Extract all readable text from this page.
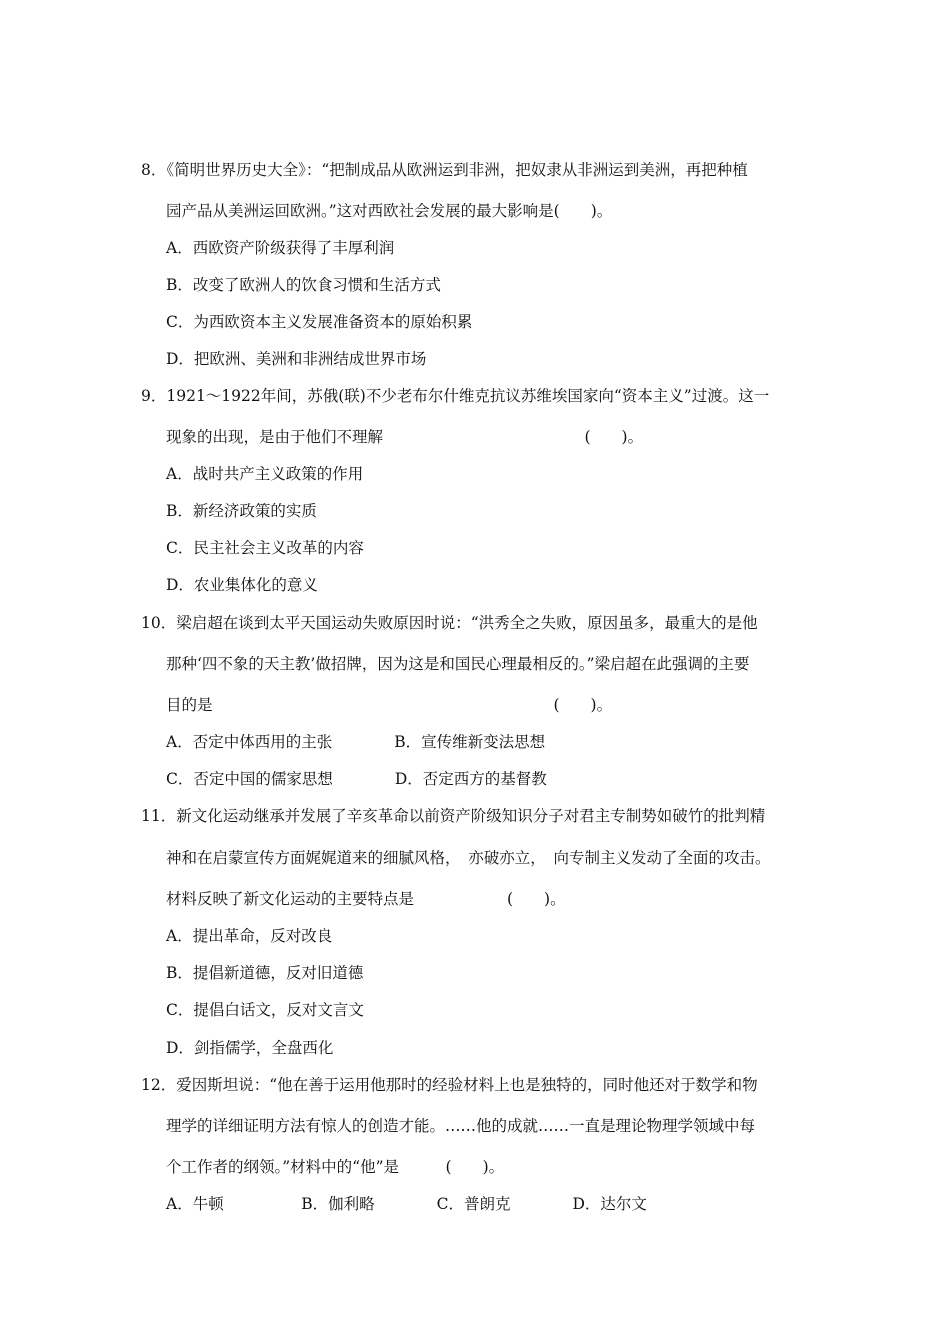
8．《简明世界历史大全》：“把制成品从欧洲运到非洲，把奴隶从非洲运到美洲，再把种植
园产品从美洲运回欧洲。”这对西欧社会发展的最大影响是(　　)。
A．西欧资产阶级获得了丰厚利润
B．改变了欧洲人的饮食习惯和生活方式
C．为西欧资本主义发展准备资本的原始积累
D．把欧洲、美洲和非洲结成世界市场
9．1921～1922年间，苏俄(联)不少老布尔什维克抗议苏维埃国家向“资本主义”过渡。这一
现象的出现，是由于他们不理解　　　　　　　　　　　　　(　　)。
A．战时共产主义政策的作用
B．新经济政策的实质
C．民主社会主义改革的内容
D．农业集体化的意义
10．梁启超在谈到太平天国运动失败原因时说：“洪秀全之失败，原因虽多，最重大的是他
那种‘四不象的天主教’做招牌，因为这是和国民心理最相反的。”梁启超在此强调的主要
目的是　　　　　　　　　　　　　　　　　　　　　　(　　)。
A．否定中体西用的主张　　　　B．宣传维新变法思想
C．否定中国的儒家思想　　　　D．否定西方的基督教
11．新文化运动继承并发展了辛亥革命以前资产阶级知识分子对君主专制势如破竹的批判精
神和在启蒙宣传方面娓娓道来的细腻风格，　亦破亦立，　向专制主义发动了全面的攻击。
材料反映了新文化运动的主要特点是　　　　　　(　　)。
A．提出革命，反对改良
B．提倡新道德，反对旧道德
C．提倡白话文，反对文言文
D．剑指儒学，全盘西化
12．爱因斯坦说：“他在善于运用他那时的经验材料上也是独特的，同时他还对于数学和物
理学的详细证明方法有惊人的创造才能。……他的成就……一直是理论物理学领域中每
个工作者的纲领。”材料中的“他”是　　　(　　)。
A．牛顿　　　　　B．伽利略　　　　C．普朗克　　　　D．达尔文
